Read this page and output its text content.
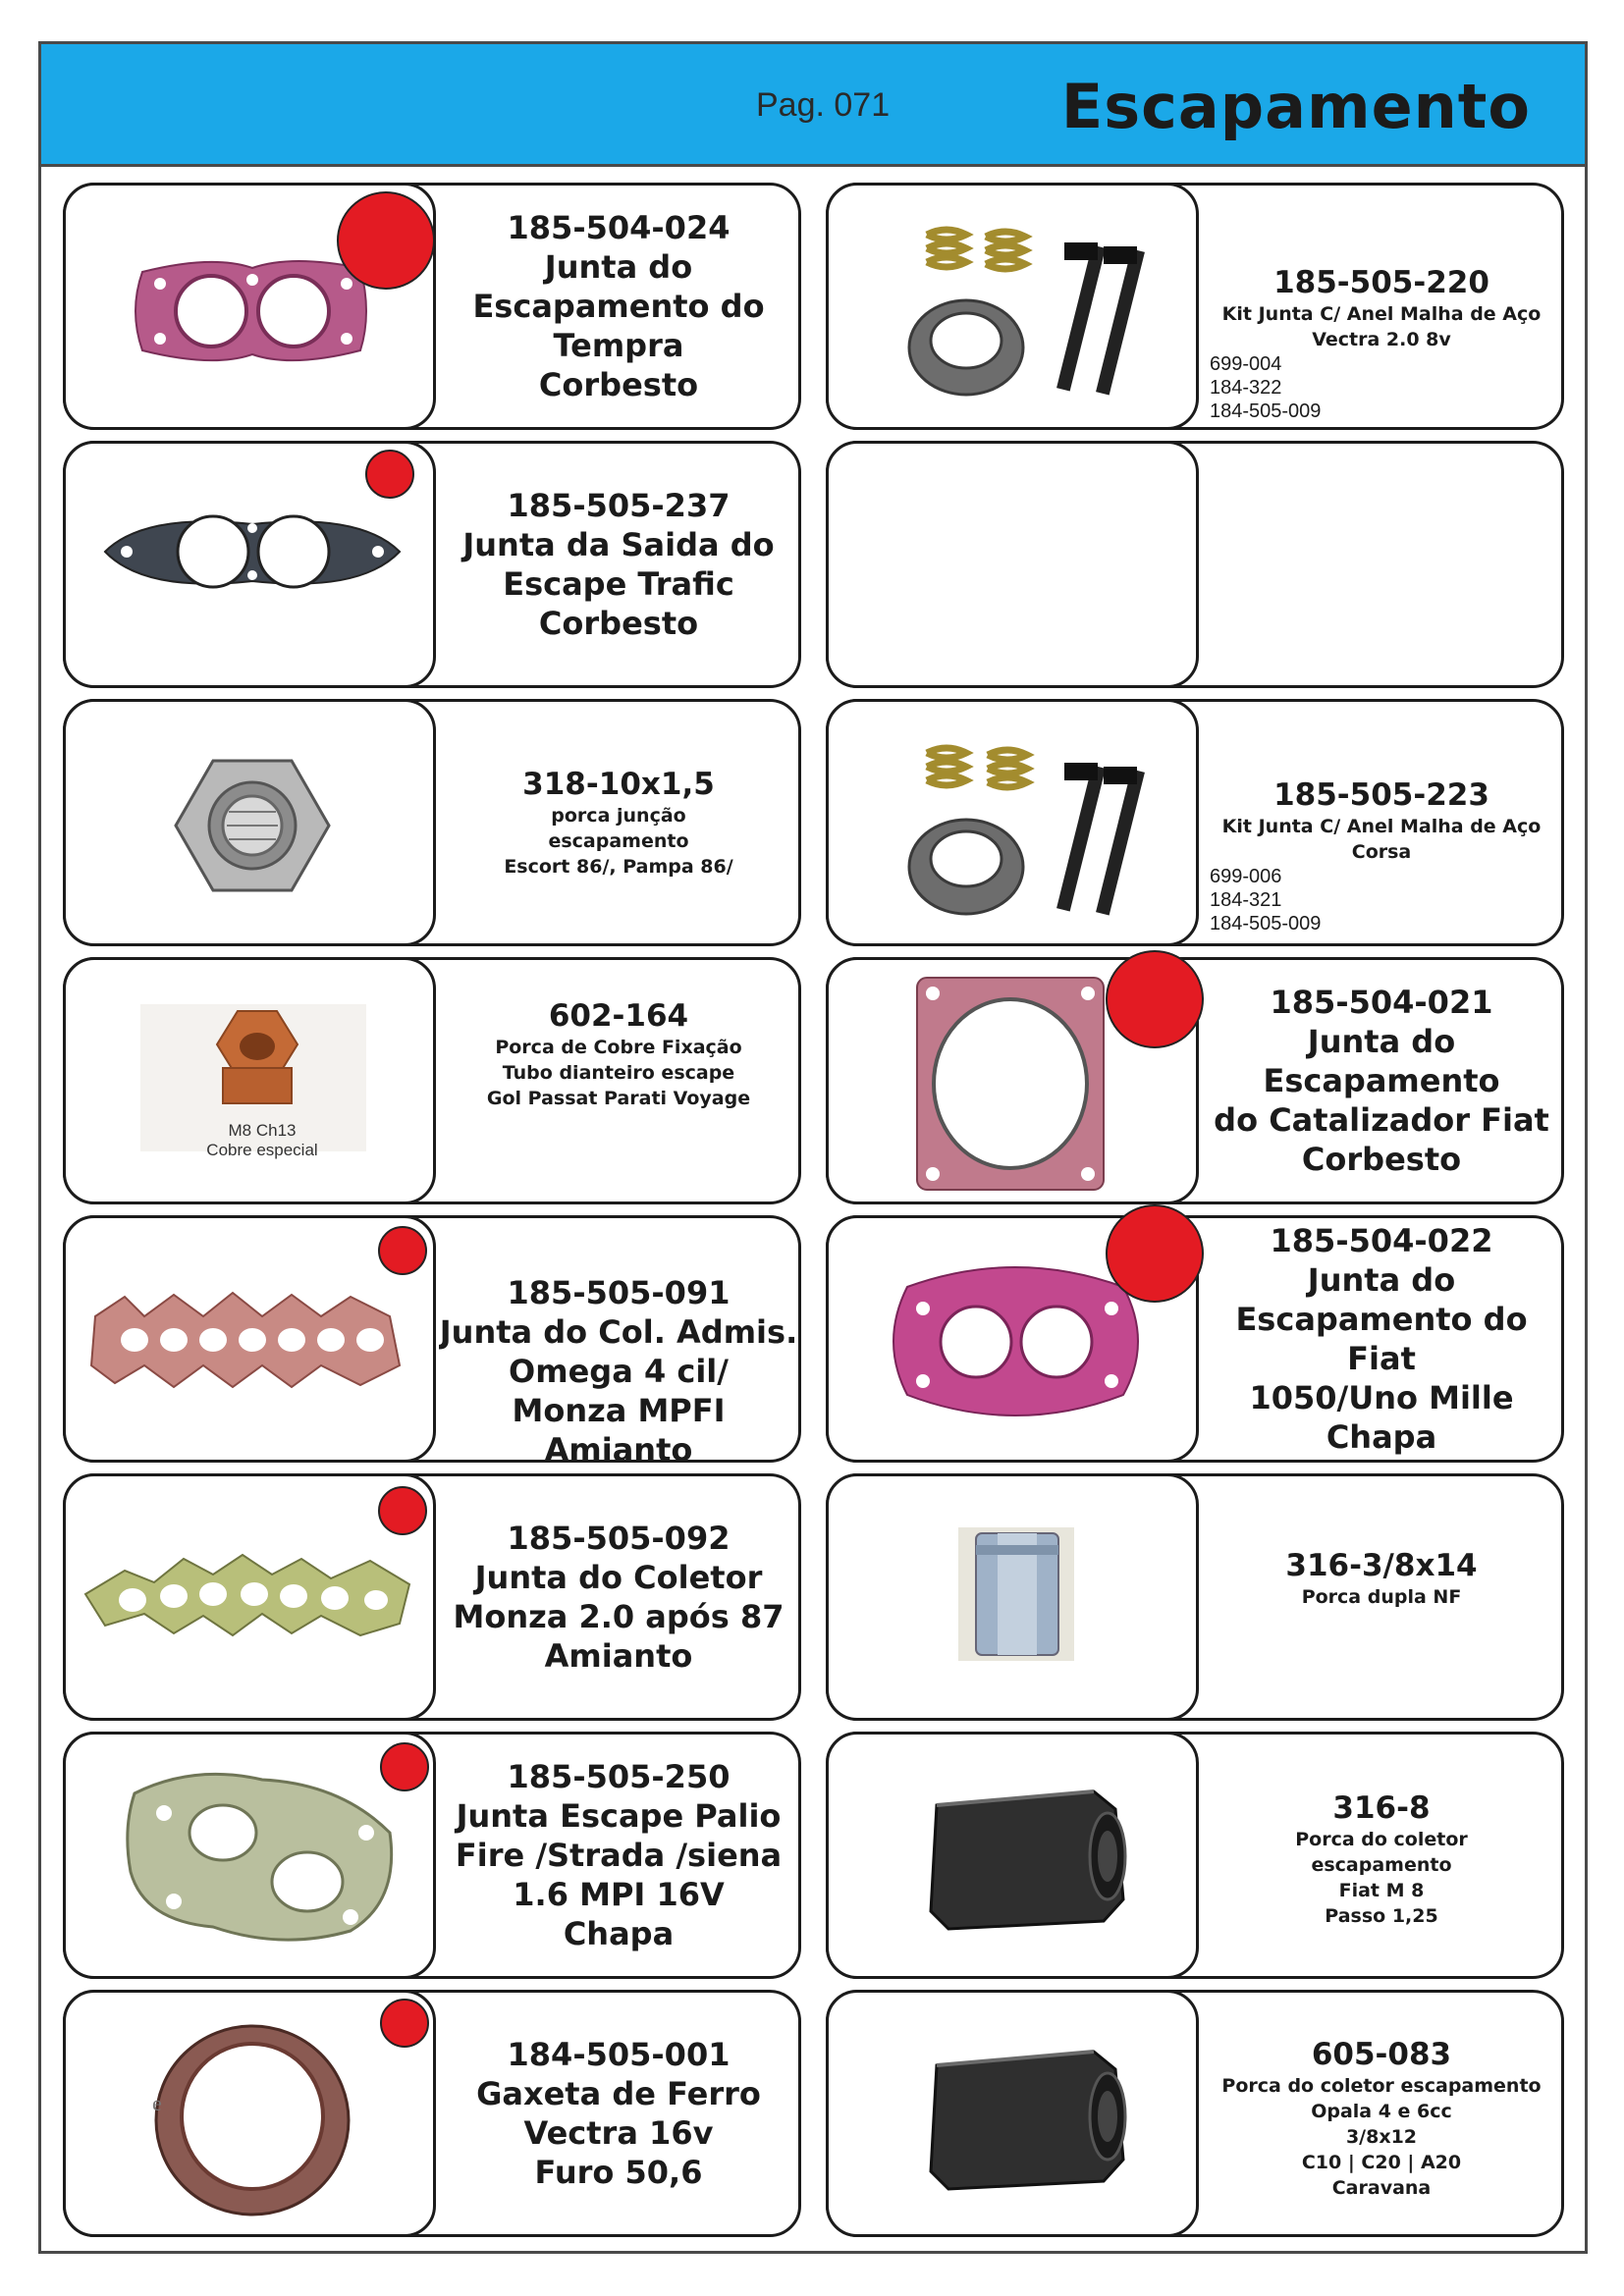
Pag. 071	Escapamento
185-504-024
Junta do
Escapamento do
Tempra
Corbesto
185-505-220
Kit Junta C/ Anel Malha de Aço
Vectra 2.0 8v
699-004
184-322
184-505-009
185-505-237
Junta da Saida do
Escape Trafic
Corbesto
318-10x1,5
porca junção
escapamento
Escort 86/, Pampa 86/
185-505-223
Kit Junta C/ Anel Malha de Aço
Corsa
699-006
184-321
184-505-009
M8 Ch13
Cobre especial
602-164
Porca de Cobre Fixação
Tubo dianteiro escape
Gol Passat Parati Voyage
185-504-021
Junta do Escapamento
do Catalizador Fiat
Corbesto
185-505-091
Junta do Col. Admis.
Omega 4 cil/
Monza MPFI
Amianto
185-504-022
Junta do
Escapamento do Fiat
1050/Uno Mille
Chapa
185-505-092
Junta do Coletor
Monza 2.0 após 87
Amianto
316-3/8x14
Porca dupla NF
185-505-250
Junta Escape Palio
Fire /Strada /siena
1.6 MPI 16V
Chapa
316-8
Porca do coletor
escapamento
Fiat M 8
Passo 1,25
e
184-505-001
Gaxeta de Ferro
Vectra 16v
Furo 50,6
605-083
Porca do coletor escapamento
Opala 4 e 6cc
3/8x12
C10 | C20 | A20
Caravana
